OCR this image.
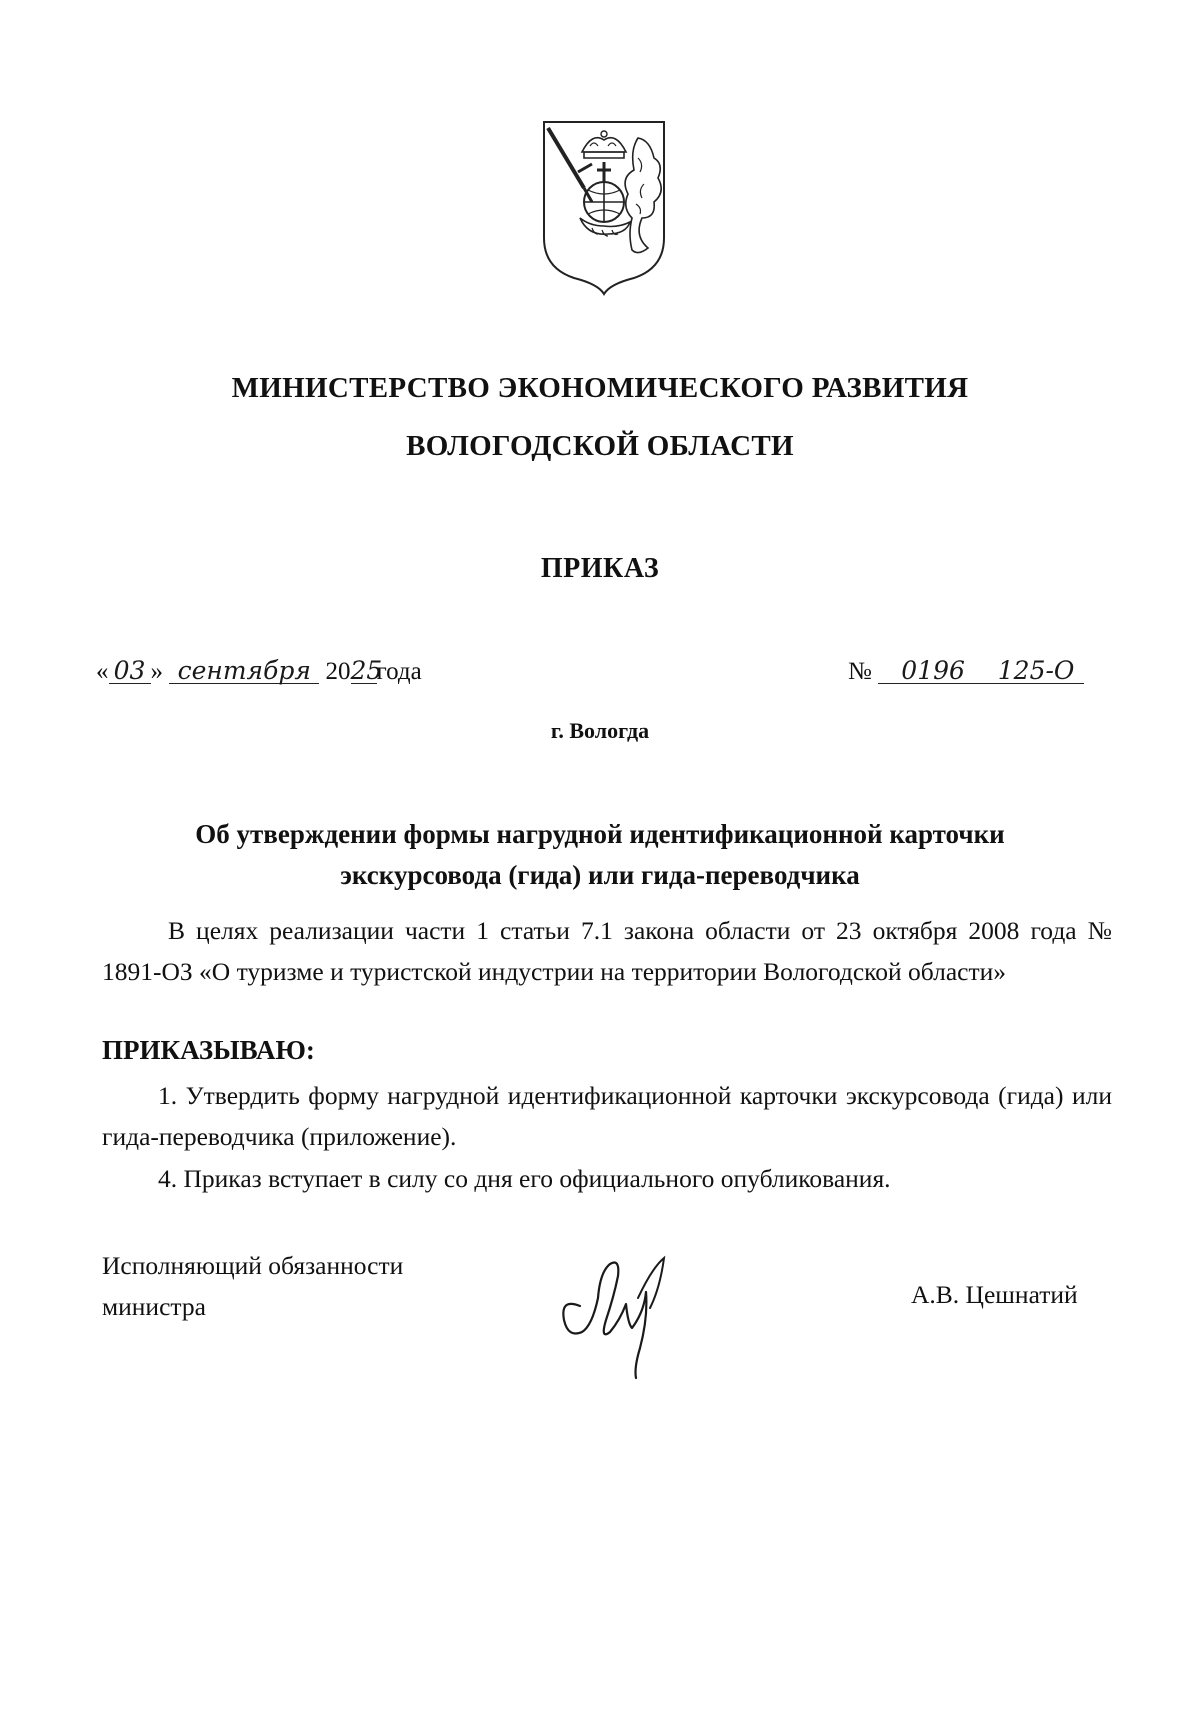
МИНИСТЕРСТВО ЭКОНОМИЧЕСКОГО РАЗВИТИЯ
ВОЛОГОДСКОЙ ОБЛАСТИ
ПРИКАЗ
« 03 » сентября 2025года	№ 0196 125-О
г. Вологда
Об утверждении формы нагрудной идентификационной карточки
экскурсовода (гида) или гида-переводчика
В целях реализации части 1 статьи 7.1 закона области от 23 октября 2008 года № 1891-ОЗ «О туризме и туристской индустрии на территории Вологодской области»
ПРИКАЗЫВАЮ:
1. Утвердить форму нагрудной идентификационной карточки экскурсовода (гида) или гида-переводчика (приложение).
4. Приказ вступает в силу со дня его официального опубликования.
Исполняющий обязанности
министра	А.В. Цешнатий
